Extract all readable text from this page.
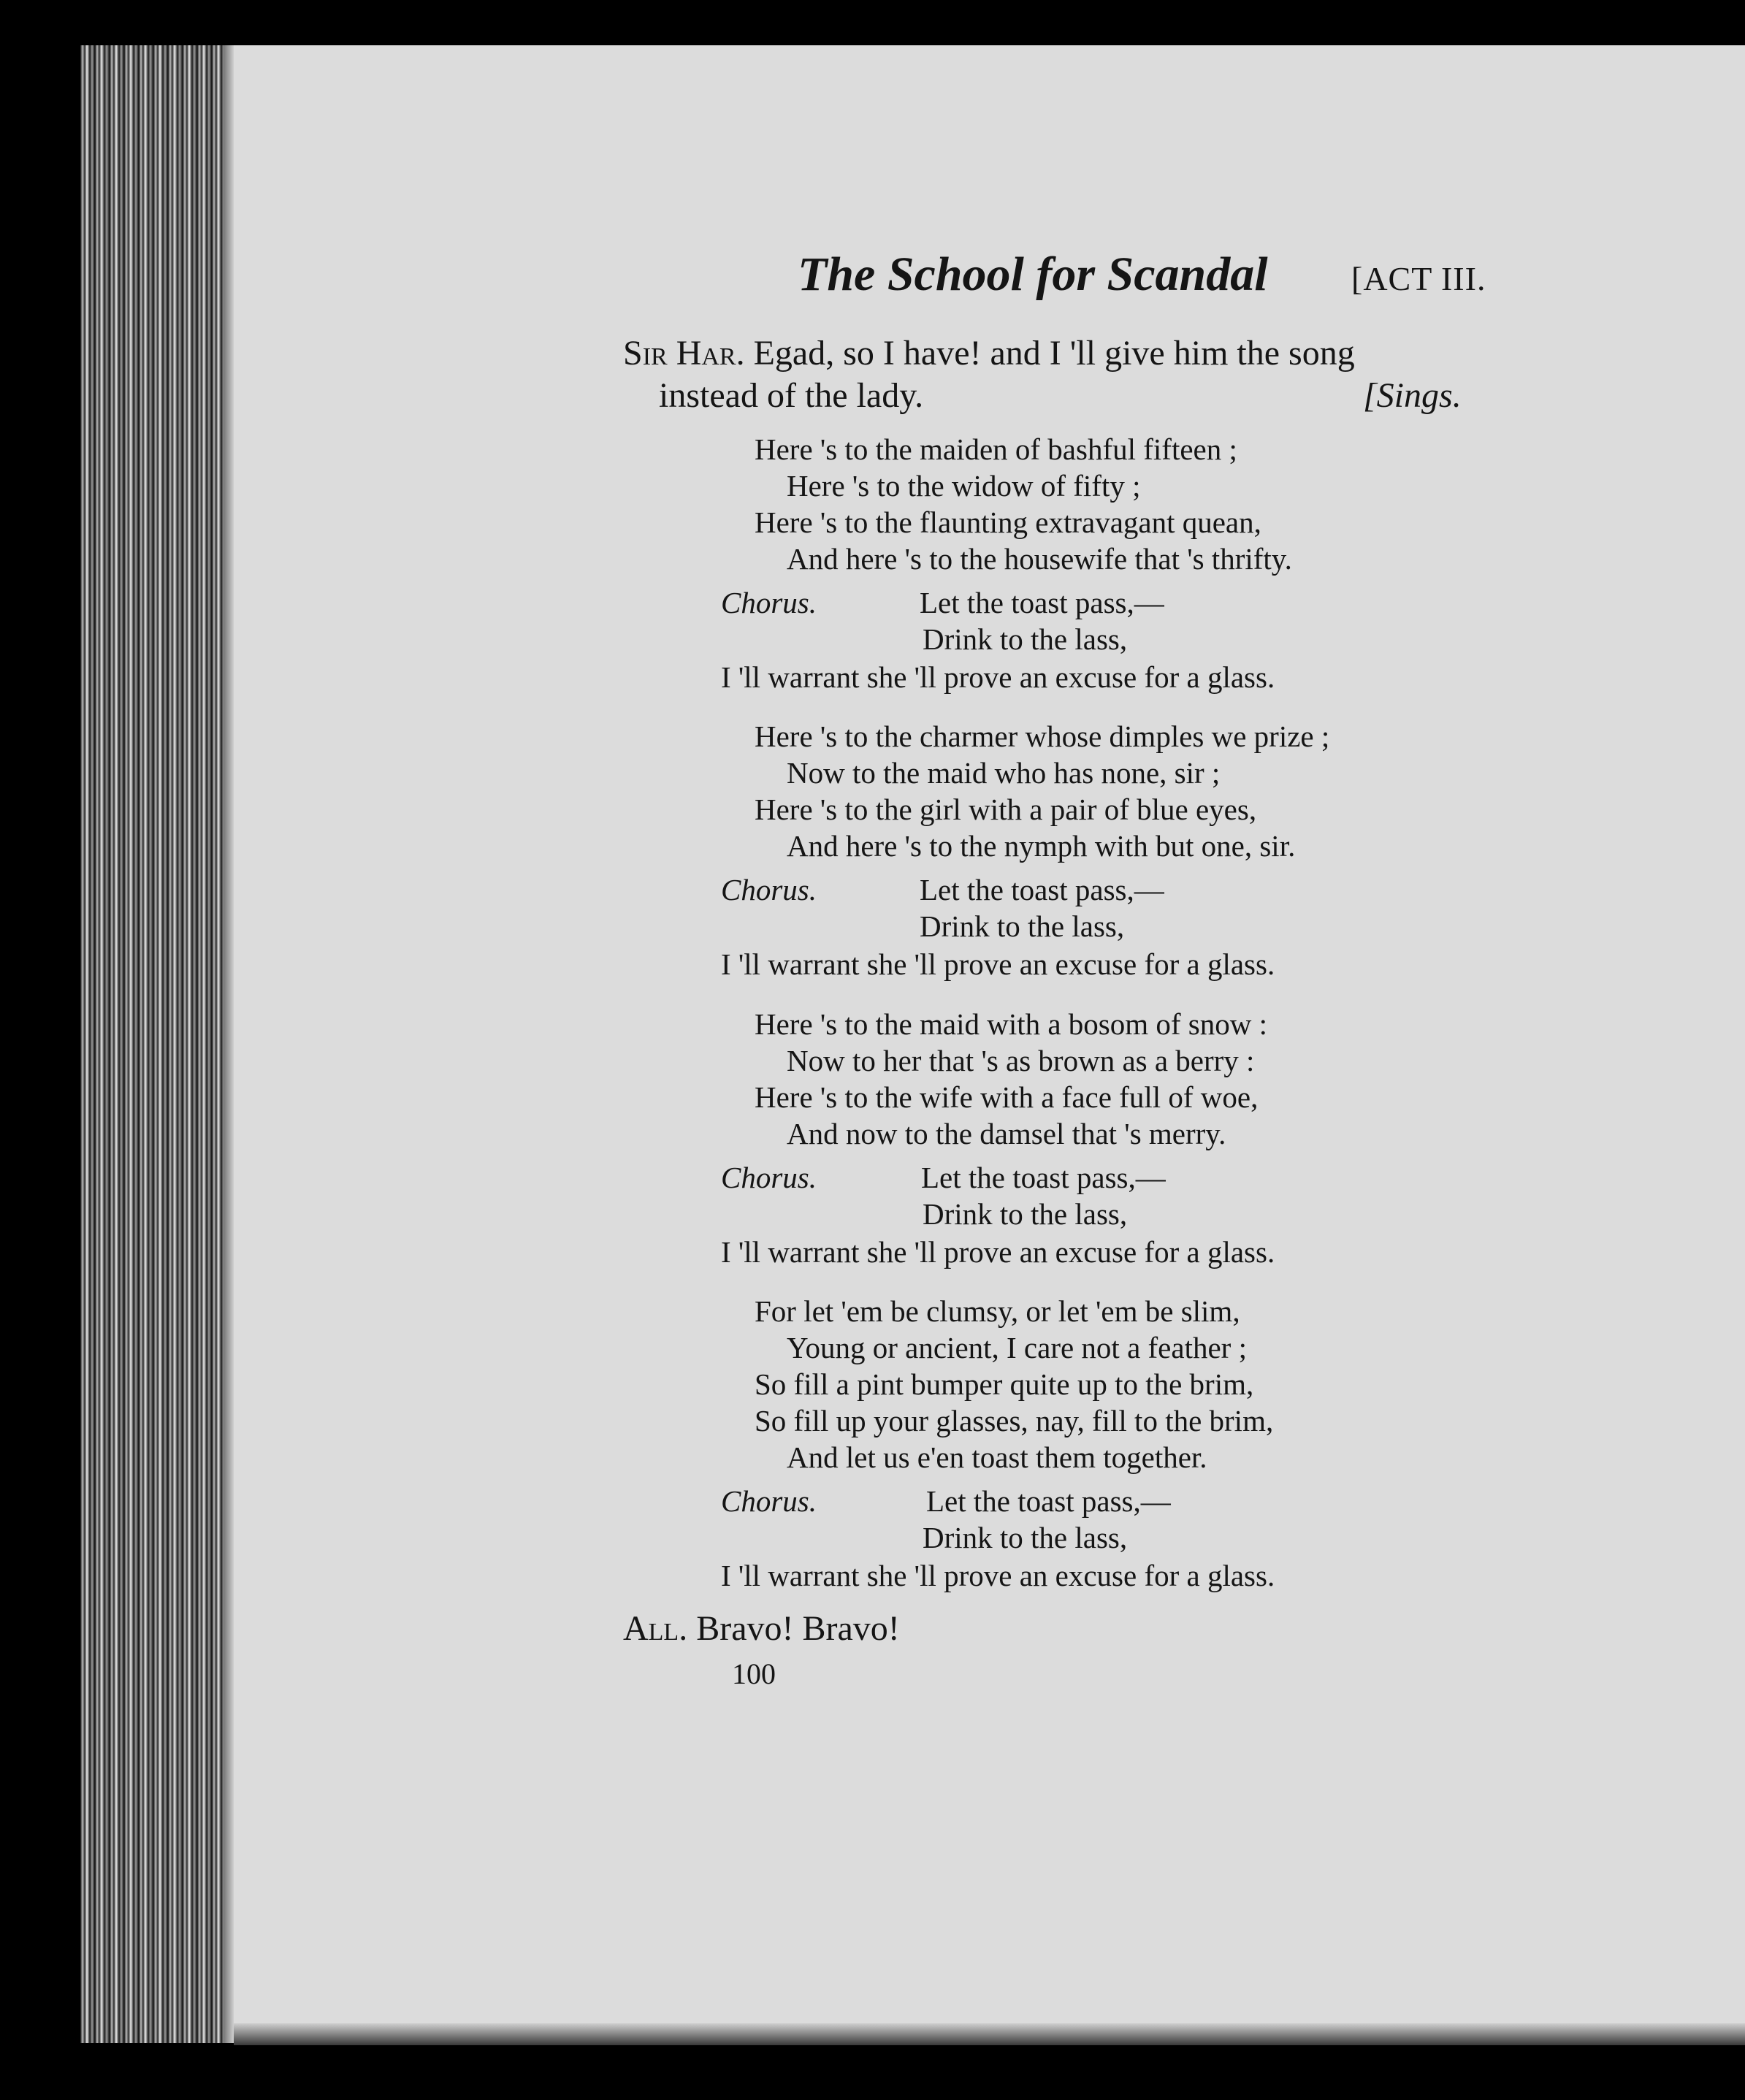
The School for Scandal [ACT III.
Sir Har. Egad, so I have! and I 'll give him the song
instead of the lady.	[Sings.
Here 's to the maiden of bashful fifteen ;
Here 's to the widow of fifty ;
Here 's to the flaunting extravagant quean,
And here 's to the housewife that 's thrifty.
Chorus.	Let the toast pass,—
Drink to the lass,
I 'll warrant she 'll prove an excuse for a glass.
Here 's to the charmer whose dimples we prize ;
Now to the maid who has none, sir ;
Here 's to the girl with a pair of blue eyes,
And here 's to the nymph with but one, sir.
Chorus.	Let the toast pass,—
Drink to the lass,
I 'll warrant she 'll prove an excuse for a glass.
Here 's to the maid with a bosom of snow :
Now to her that 's as brown as a berry :
Here 's to the wife with a face full of woe,
And now to the damsel that 's merry.
Chorus.	Let the toast pass,—
Drink to the lass,
I 'll warrant she 'll prove an excuse for a glass.
For let 'em be clumsy, or let 'em be slim,
Young or ancient, I care not a feather ;
So fill a pint bumper quite up to the brim,
So fill up your glasses, nay, fill to the brim,
And let us e'en toast them together.
Chorus.	Let the toast pass,—
Drink to the lass,
I 'll warrant she 'll prove an excuse for a glass.
All. Bravo! Bravo!
100
